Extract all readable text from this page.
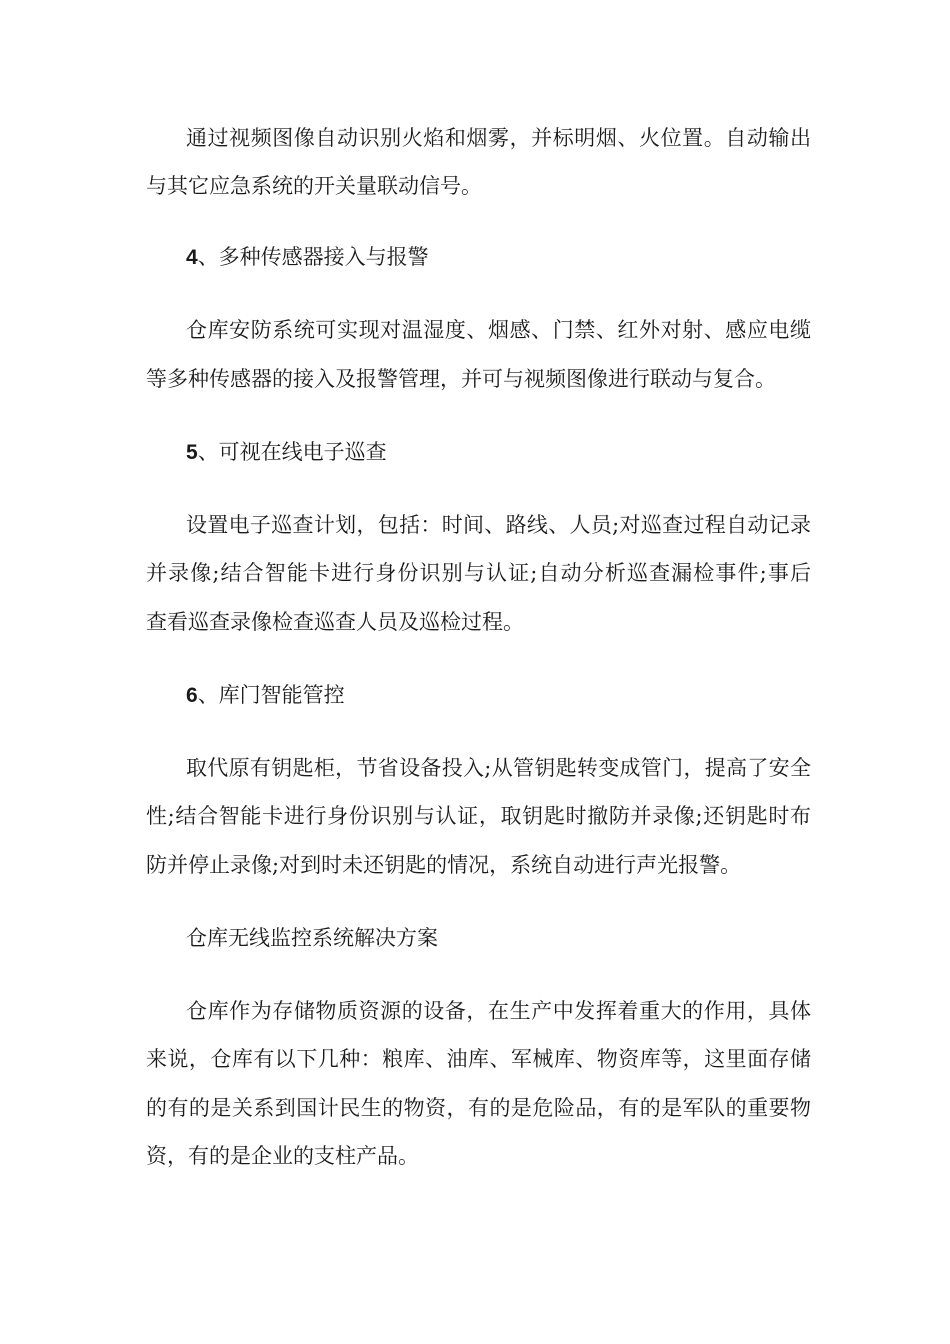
通过视频图像自动识别火焰和烟雾，并标明烟、火位置。自动输出
与其它应急系统的开关量联动信号。
4、多种传感器接入与报警
仓库安防系统可实现对温湿度、烟感、门禁、红外对射、感应电缆
等多种传感器的接入及报警管理，并可与视频图像进行联动与复合。
5、可视在线电子巡查
设置电子巡查计划，包括：时间、路线、人员;对巡查过程自动记录
并录像;结合智能卡进行身份识别与认证;自动分析巡查漏检事件;事后
查看巡查录像检查巡查人员及巡检过程。
6、库门智能管控
取代原有钥匙柜，节省设备投入;从管钥匙转变成管门，提高了安全
性;结合智能卡进行身份识别与认证，取钥匙时撤防并录像;还钥匙时布
防并停止录像;对到时未还钥匙的情况，系统自动进行声光报警。
仓库无线监控系统解决方案
仓库作为存储物质资源的设备，在生产中发挥着重大的作用，具体
来说，仓库有以下几种：粮库、油库、军械库、物资库等，这里面存储
的有的是关系到国计民生的物资，有的是危险品，有的是军队的重要物
资，有的是企业的支柱产品。
